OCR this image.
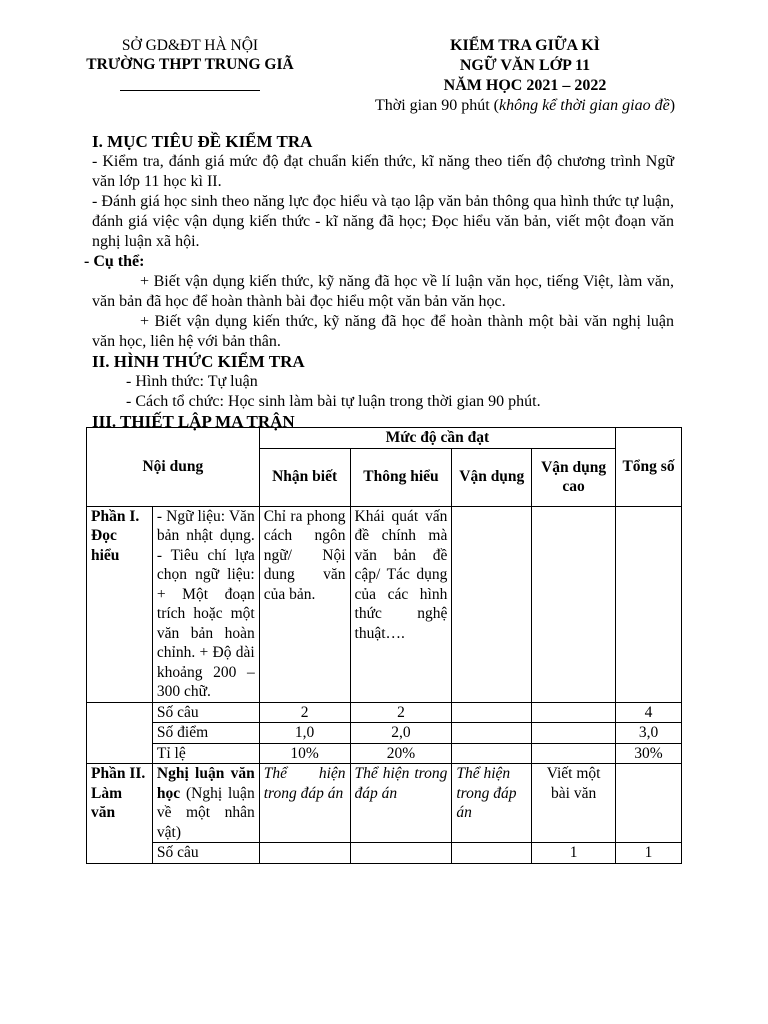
SỞ GD&ĐT HÀ NỘI
TRƯỜNG THPT TRUNG GIÃ
KIỂM TRA GIỮA KÌ
NGỮ VĂN LỚP 11
NĂM HỌC 2021 – 2022
Thời gian 90 phút (không kể thời gian giao đề)

I. MỤC TIÊU ĐỀ KIỂM TRA

- Kiểm tra, đánh giá mức độ đạt chuẩn kiến thức, kĩ năng theo tiến độ chương trình Ngữ văn lớp 11 học kì II.

- Đánh giá học sinh theo năng lực đọc hiểu và tạo lập văn bản thông qua hình thức tự luận, đánh giá việc vận dụng kiến thức - kĩ năng đã học; Đọc hiểu văn bản, viết một đoạn văn nghị luận xã hội.

- Cụ thể:

+ Biết vận dụng kiến thức, kỹ năng đã học về lí luận văn học, tiếng Việt, làm văn, văn bản đã học để hoàn thành bài đọc hiểu một văn bản văn học.

+ Biết vận dụng kiến thức, kỹ năng đã học để hoàn thành một bài văn nghị luận văn học, liên hệ với bản thân.

II. HÌNH THỨC KIỂM TRA

- Hình thức: Tự luận

- Cách tổ chức: Học sinh làm bài tự luận trong thời gian 90 phút.

III. THIẾT LẬP MA TRẬN

Nội dung		Mức độ cần đạt				Tổng số
		Nhận biết	Thông hiểu	Vận dụng	Vận dụng cao	
Phần I. Đọc hiểu	- Ngữ liệu: Văn bản nhật dụng. - Tiêu chí lựa chọn ngữ liệu: + Một đoạn trích hoặc một văn bản hoàn chỉnh. + Độ dài khoảng 200 – 300 chữ.	Chỉ ra phong cách ngôn ngữ/ Nội dung văn của bản.	Khái quát vấn đề chính mà văn bản đề cập/ Tác dụng của các hình thức nghệ thuật….			
	Số câu	2	2			4
	Số điểm	1,0	2,0			3,0
	Tỉ lệ	10%	20%			30%
Phần II. Làm văn	Nghị luận văn học (Nghị luận về một nhân vật)	Thể hiện trong đáp án	Thể hiện trong đáp án	Thể hiện trong đáp án	Viết một bài văn	
	Số câu				1	1
